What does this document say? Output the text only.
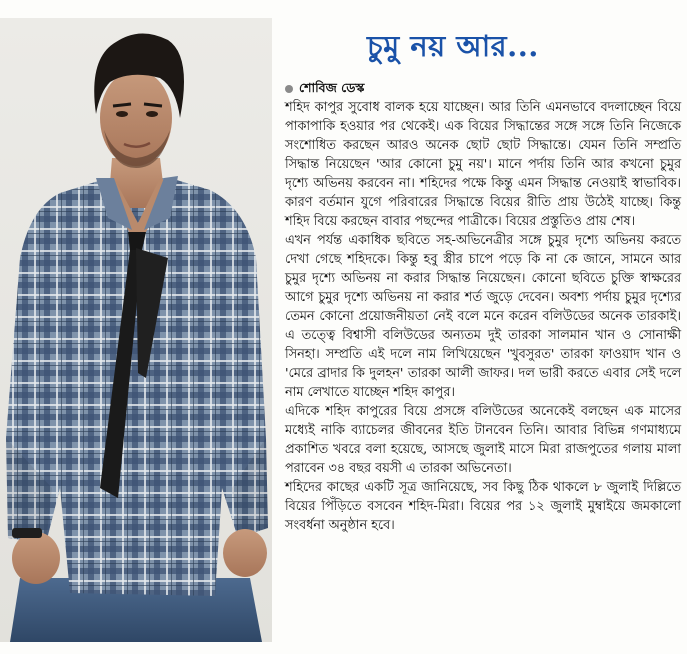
চুমু নয় আর...
শোবিজ ডেস্ক

শহিদ কাপুর সুবোধ বালক হয়ে যাচ্ছেন। আর তিনি এমনভাবে বদলাচ্ছেন বিয়ে পাকাপাকি হওয়ার পর থেকেই। এক বিয়ের সিদ্ধান্তের সঙ্গে সঙ্গে তিনি নিজেকে সংশোধিত করছেন আরও অনেক ছোট ছোট সিদ্ধান্তে। যেমন তিনি সম্প্রতি সিদ্ধান্ত নিয়েছেন 'আর কোনো চুমু নয়'। মানে পর্দায় তিনি আর কখনো চুমুর দৃশ্যে অভিনয় করবেন না। শহিদের পক্ষে কিন্তু এমন সিদ্ধান্ত নেওয়াই স্বাভাবিক। কারণ বর্তমান যুগে পরিবারের সিদ্ধান্তে বিয়ের রীতি প্রায় উঠেই যাচ্ছে। কিন্তু শহিদ বিয়ে করছেন বাবার পছন্দের পাত্রীকে। বিয়ের প্রস্তুতিও প্রায় শেষ।

এখন পর্যন্ত একাধিক ছবিতে সহ-অভিনেত্রীর সঙ্গে চুমুর দৃশ্যে অভিনয় করতে দেখা গেছে শহিদকে। কিন্তু হবু স্ত্রীর চাপে পড়ে কি না কে জানে, সামনে আর চুমুর দৃশ্যে অভিনয় না করার সিদ্ধান্ত নিয়েছেন। কোনো ছবিতে চুক্তি স্বাক্ষরের আগে চুমুর দৃশ্যে অভিনয় না করার শর্ত জুড়ে দেবেন। অবশ্য পর্দায় চুমুর দৃশ্যের তেমন কোনো প্রয়োজনীয়তা নেই বলে মনে করেন বলিউডের অনেক তারকাই। এ তত্ত্বে বিশ্বাসী বলিউডের অন্যতম দুই তারকা সালমান খান ও সোনাক্ষী সিনহা। সম্প্রতি এই দলে নাম লিখিয়েছেন 'খুবসুরত' তারকা ফাওয়াদ খান ও 'মেরে ব্রাদার কি দুলহন' তারকা আলী জাফর। দল ভারী করতে এবার সেই দলে নাম লেখাতে যাচ্ছেন শহিদ কাপুর।

এদিকে শহিদ কাপুরের বিয়ে প্রসঙ্গে বলিউডের অনেকেই বলছেন এক মাসের মধ্যেই নাকি ব্যাচেলর জীবনের ইতি টানবেন তিনি। আবার বিভিন্ন গণমাধ্যমে প্রকাশিত খবরে বলা হয়েছে, আসছে জুলাই মাসে মিরা রাজপুতের গলায় মালা পরাবেন ৩৪ বছর বয়সী এ তারকা অভিনেতা।

শহিদের কাছের একটি সূত্র জানিয়েছে, সব কিছু ঠিক থাকলে ৮ জুলাই দিল্লিতে বিয়ের পিঁড়িতে বসবেন শহিদ-মিরা। বিয়ের পর ১২ জুলাই মুম্বাইয়ে জমকালো সংবর্ধনা অনুষ্ঠান হবে।
